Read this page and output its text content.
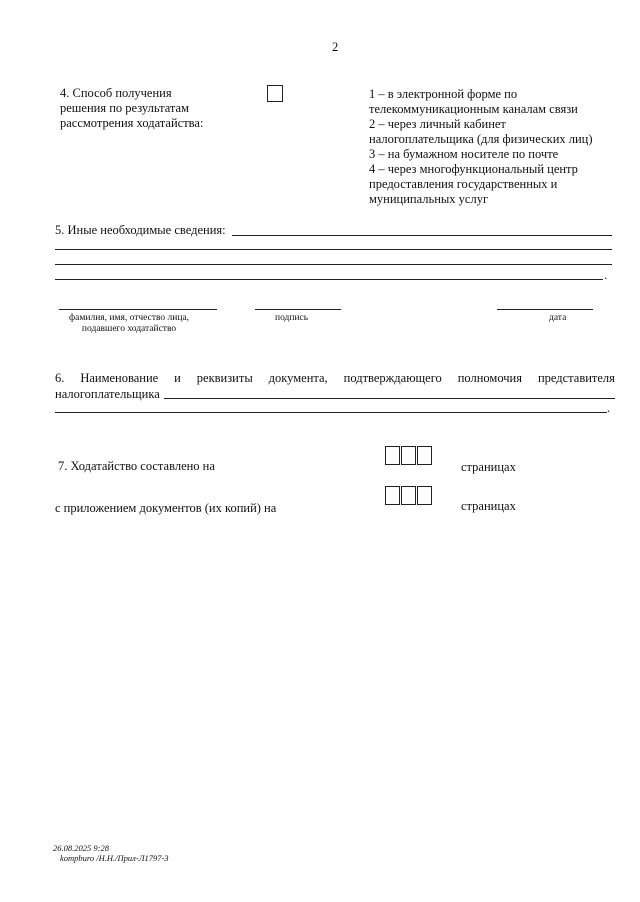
2
4. Способ получения
решения по результатам
рассмотрения ходатайства:
1 – в электронной форме по
телекоммуникационным каналам связи
2 – через личный кабинет
налогоплательщика (для физических лиц)
3 – на бумажном носителе по почте
4 – через многофункциональный центр
предоставления государственных и
муниципальных услуг
5. Иные необходимые сведения:
.
фамилия, имя, отчество лица,
подавшего ходатайство
подпись	дата
6. Наименование и реквизиты документа, подтверждающего полномочия представителя
налогоплательщика
.
7. Ходатайство составлено на	страницах
с приложением документов (их копий) на	страницах
26.08.2025 9:28
kompburo /Н.Н./Прил-Л1797-3
